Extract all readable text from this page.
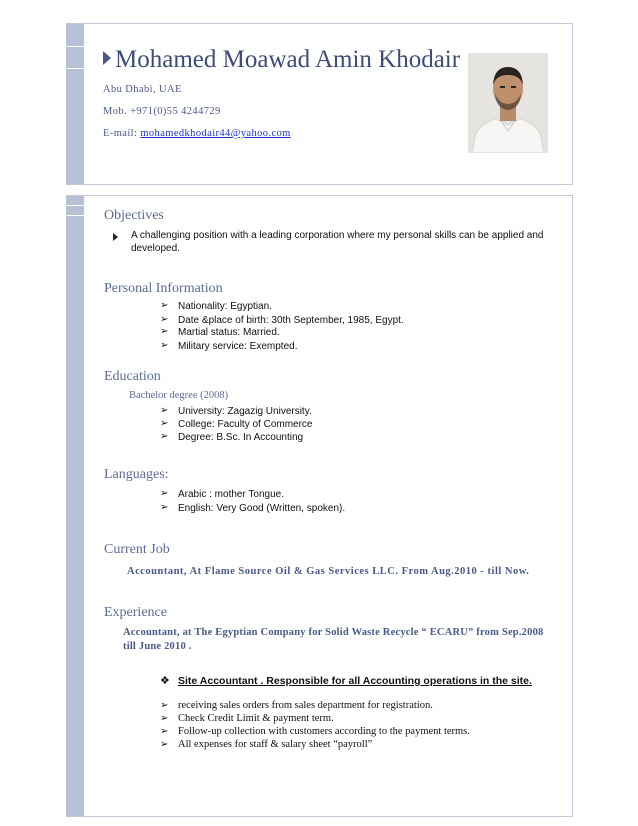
Mohamed Moawad Amin Khodair
Abu Dhabi, UAE
Mob. +971(0)55 4244729
E-mail: mohamedkhodair44@yahoo.com
Objectives
A challenging position with a leading corporation where my personal skills can be applied and
developed.
Personal Information
➢ Nationality: Egyptian.
➢ Date &place of birth: 30th September, 1985, Egypt.
➢ Martial status: Married.
➢ Military service: Exempted.
Education
Bachelor degree (2008)
➢ University: Zagazig University.
➢ College: Faculty of Commerce
➢ Degree: B.Sc. In Accounting
Languages:
➢ Arabic : mother Tongue.
➢ English: Very Good (Written, spoken).
Current Job
Accountant, At Flame Source Oil & Gas Services LLC. From Aug.2010 - till Now.
Experience
Accountant, at The Egyptian Company for Solid Waste Recycle “ ECARU” from Sep.2008
till June 2010 .
❖ Site Accountant . Responsible for all Accounting operations in the site.
➢ receiving sales orders from sales department for registration.
➢ Check Credit Limit & payment term.
➢ Follow-up collection with customers according to the payment terms.
➢ All expenses for staff & salary sheet “payroll”
